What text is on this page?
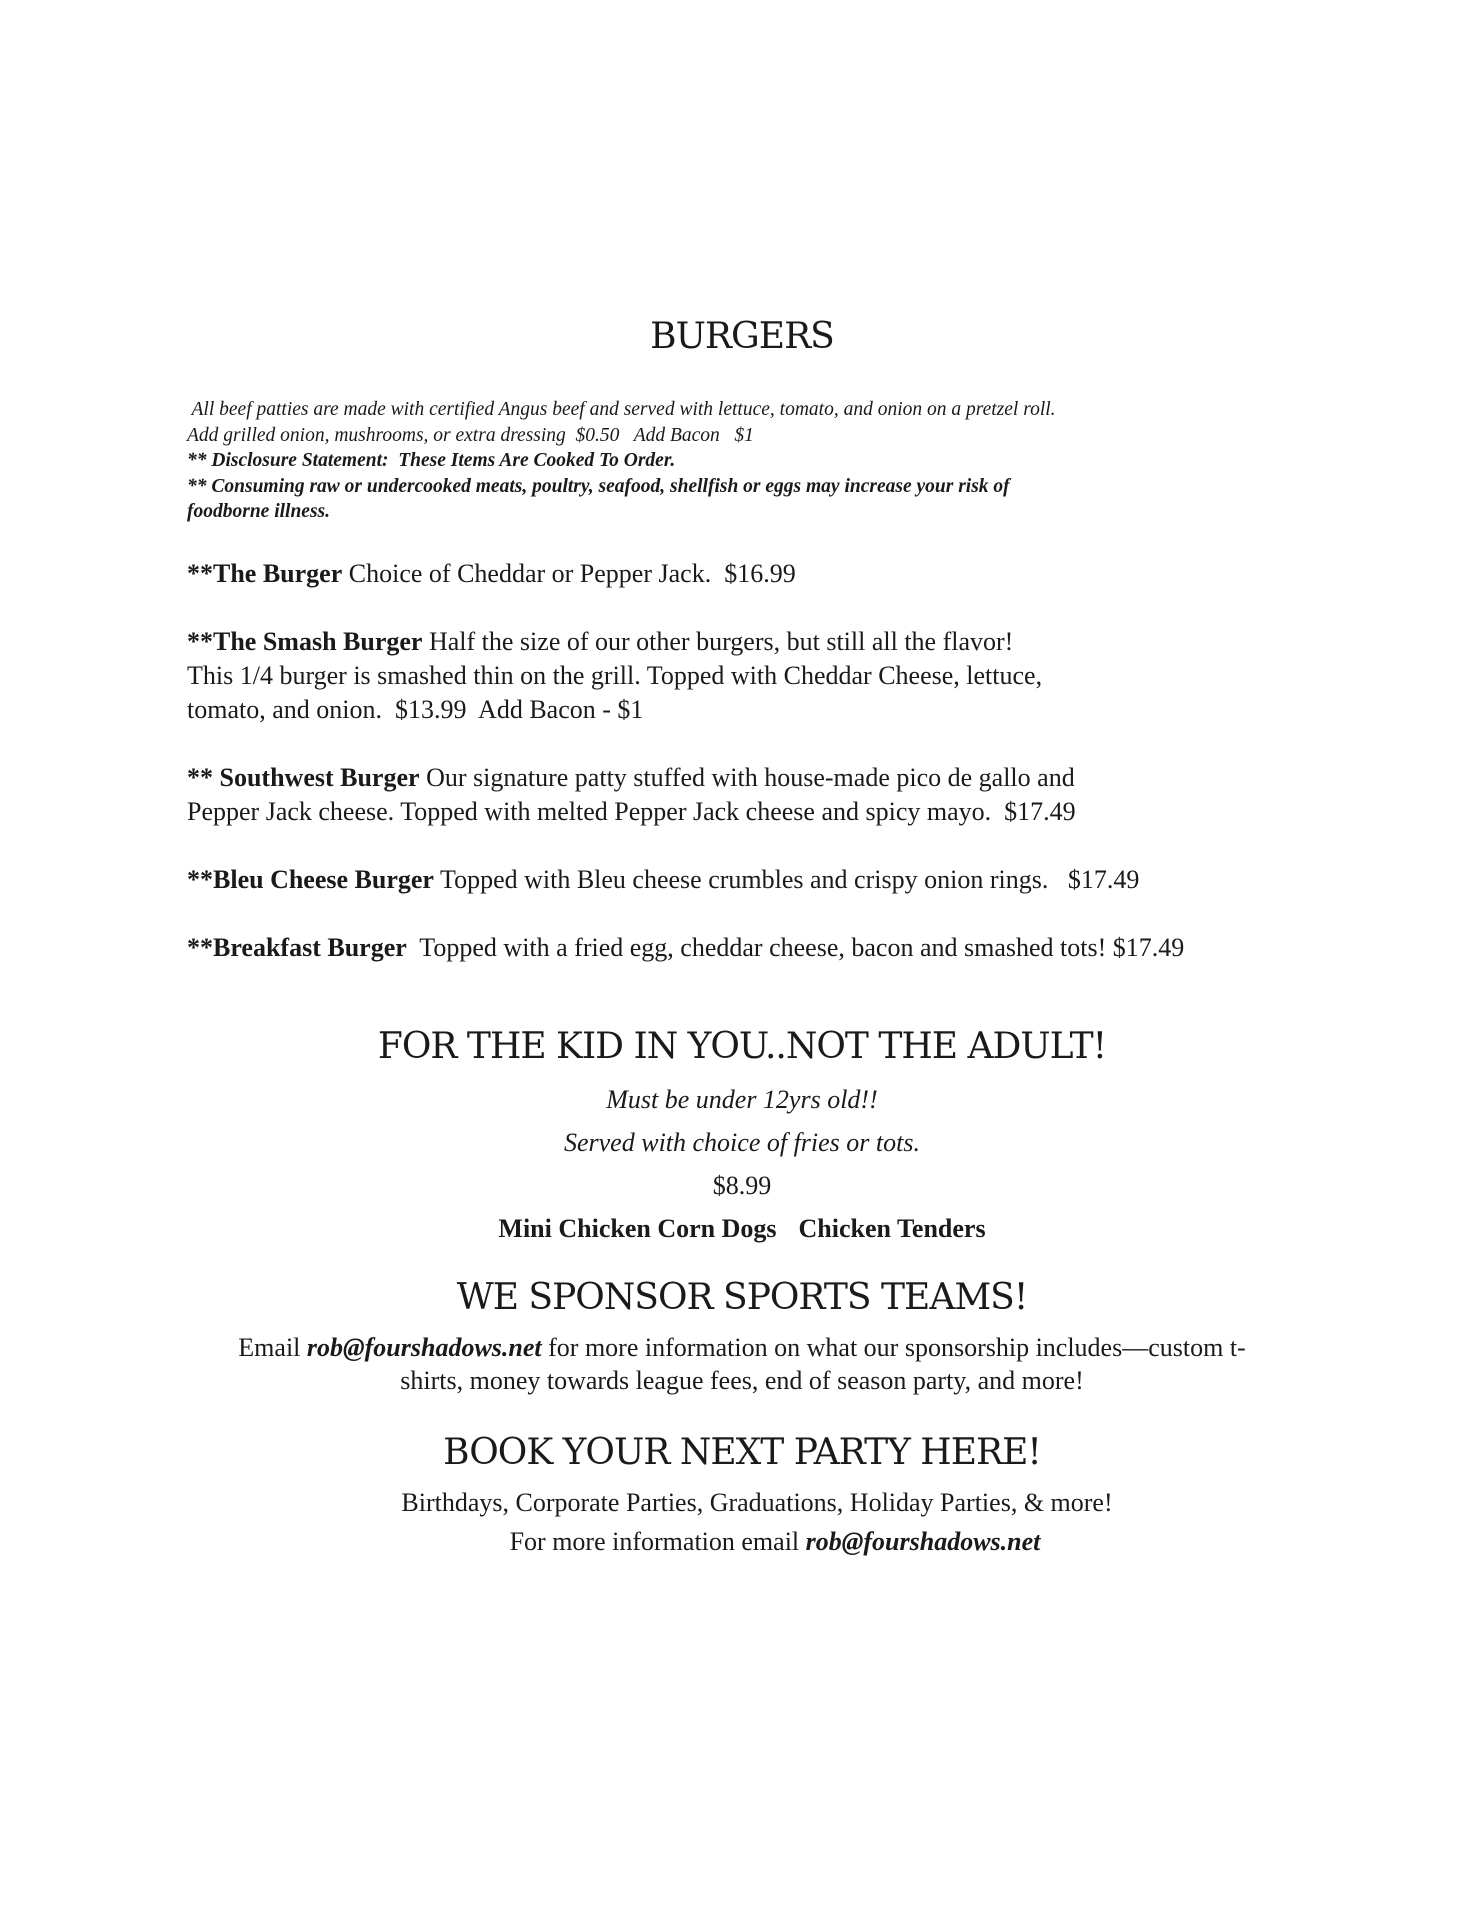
BURGERS
All beef patties are made with certified Angus beef and served with lettuce, tomato, and onion on a pretzel roll.
Add grilled onion, mushrooms, or extra dressing  $0.50   Add Bacon   $1
** Disclosure Statement:  These Items Are Cooked To Order.
** Consuming raw or undercooked meats, poultry, seafood, shellfish or eggs may increase your risk of
foodborne illness.
**The Burger Choice of Cheddar or Pepper Jack.  $16.99
**The Smash Burger Half the size of our other burgers, but still all the flavor!
This 1/4 burger is smashed thin on the grill. Topped with Cheddar Cheese, lettuce,
tomato, and onion.  $13.99  Add Bacon - $1
** Southwest Burger Our signature patty stuffed with house-made pico de gallo and
Pepper Jack cheese. Topped with melted Pepper Jack cheese and spicy mayo.  $17.49
**Bleu Cheese Burger Topped with Bleu cheese crumbles and crispy onion rings.   $17.49
**Breakfast Burger  Topped with a fried egg, cheddar cheese, bacon and smashed tots! $17.49
FOR THE KID IN YOU..NOT THE ADULT!
Must be under 12yrs old!!
Served with choice of fries or tots.
$8.99
Mini Chicken Corn Dogs Chicken Tenders
WE SPONSOR SPORTS TEAMS!
Email rob@fourshadows.net for more information on what our sponsorship includes—custom t-
shirts, money towards league fees, end of season party, and more!
BOOK YOUR NEXT PARTY HERE!
Birthdays, Corporate Parties, Graduations, Holiday Parties, & more!
For more information email rob@fourshadows.net
